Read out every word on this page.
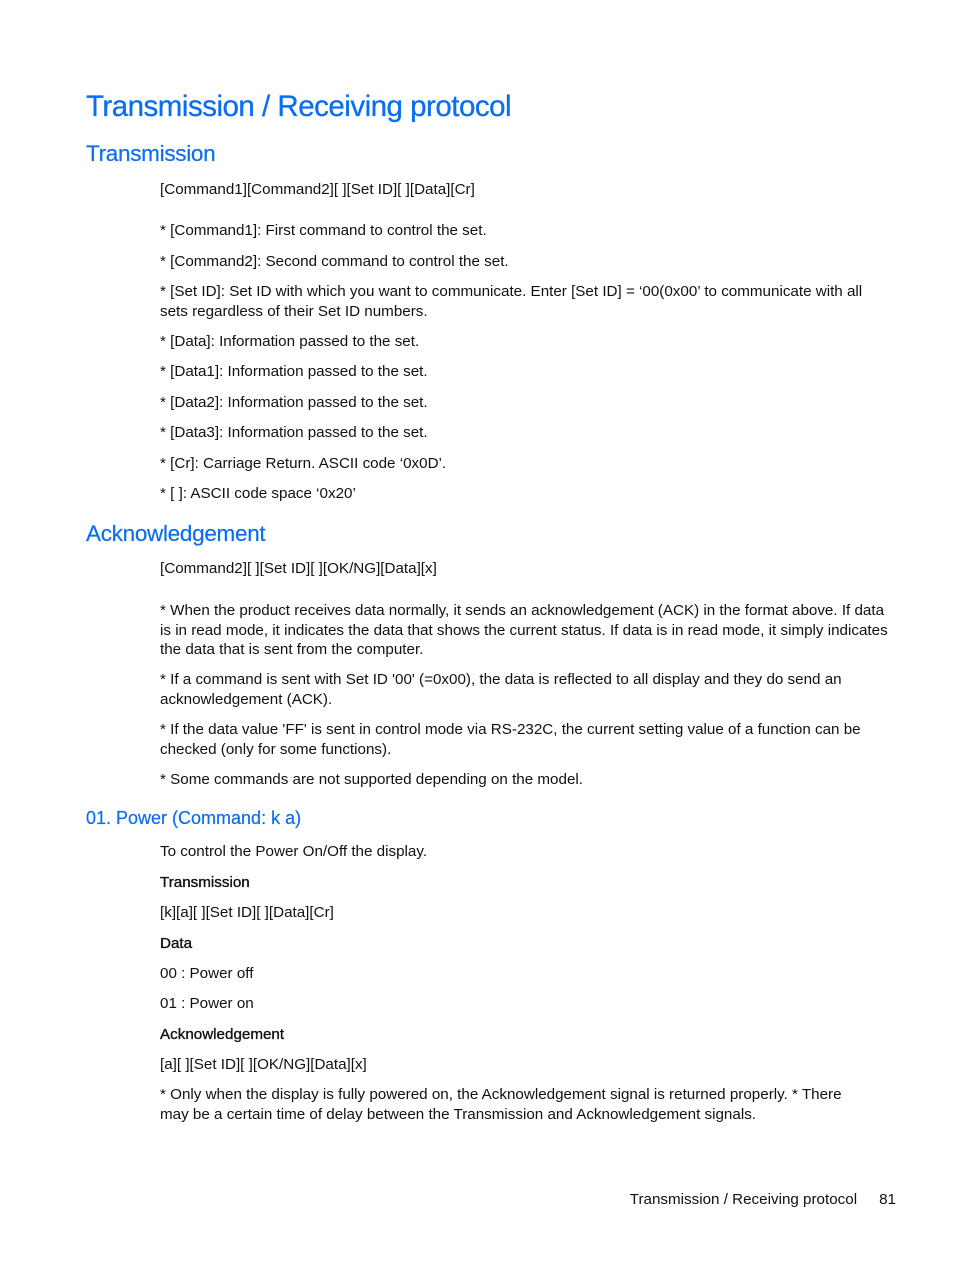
Transmission / Receiving protocol
Transmission

[Command1][Command2][ ][Set ID][ ][Data][Cr]

* [Command1]: First command to control the set.

* [Command2]: Second command to control the set.

* [Set ID]: Set ID with which you want to communicate. Enter [Set ID] = ‘00(0x00’ to communicate with all sets regardless of their Set ID numbers.

* [Data]: Information passed to the set.

* [Data1]: Information passed to the set.

* [Data2]: Information passed to the set.

* [Data3]: Information passed to the set.

* [Cr]: Carriage Return. ASCII code ‘0x0D’.

* [ ]: ASCII code space ‘0x20’

Acknowledgement

[Command2][ ][Set ID][ ][OK/NG][Data][x]

* When the product receives data normally, it sends an acknowledgement (ACK) in the format above. If data is in read mode, it indicates the data that shows the current status. If data is in read mode, it simply indicates the data that is sent from the computer.

* If a command is sent with Set ID '00' (=0x00), the data is reflected to all display and they do send an acknowledgement (ACK).

* If the data value 'FF' is sent in control mode via RS-232C, the current setting value of a function can be checked (only for some functions).

* Some commands are not supported depending on the model.

01. Power (Command: k a)

To control the Power On/Off the display.

Transmission

[k][a][ ][Set ID][ ][Data][Cr]

Data

00 : Power off

01 : Power on

Acknowledgement

[a][ ][Set ID][ ][OK/NG][Data][x]

* Only when the display is fully powered on, the Acknowledgement signal is returned properly. * There may be a certain time of delay between the Transmission and Acknowledgement signals.

Transmission / Receiving protocol 81
